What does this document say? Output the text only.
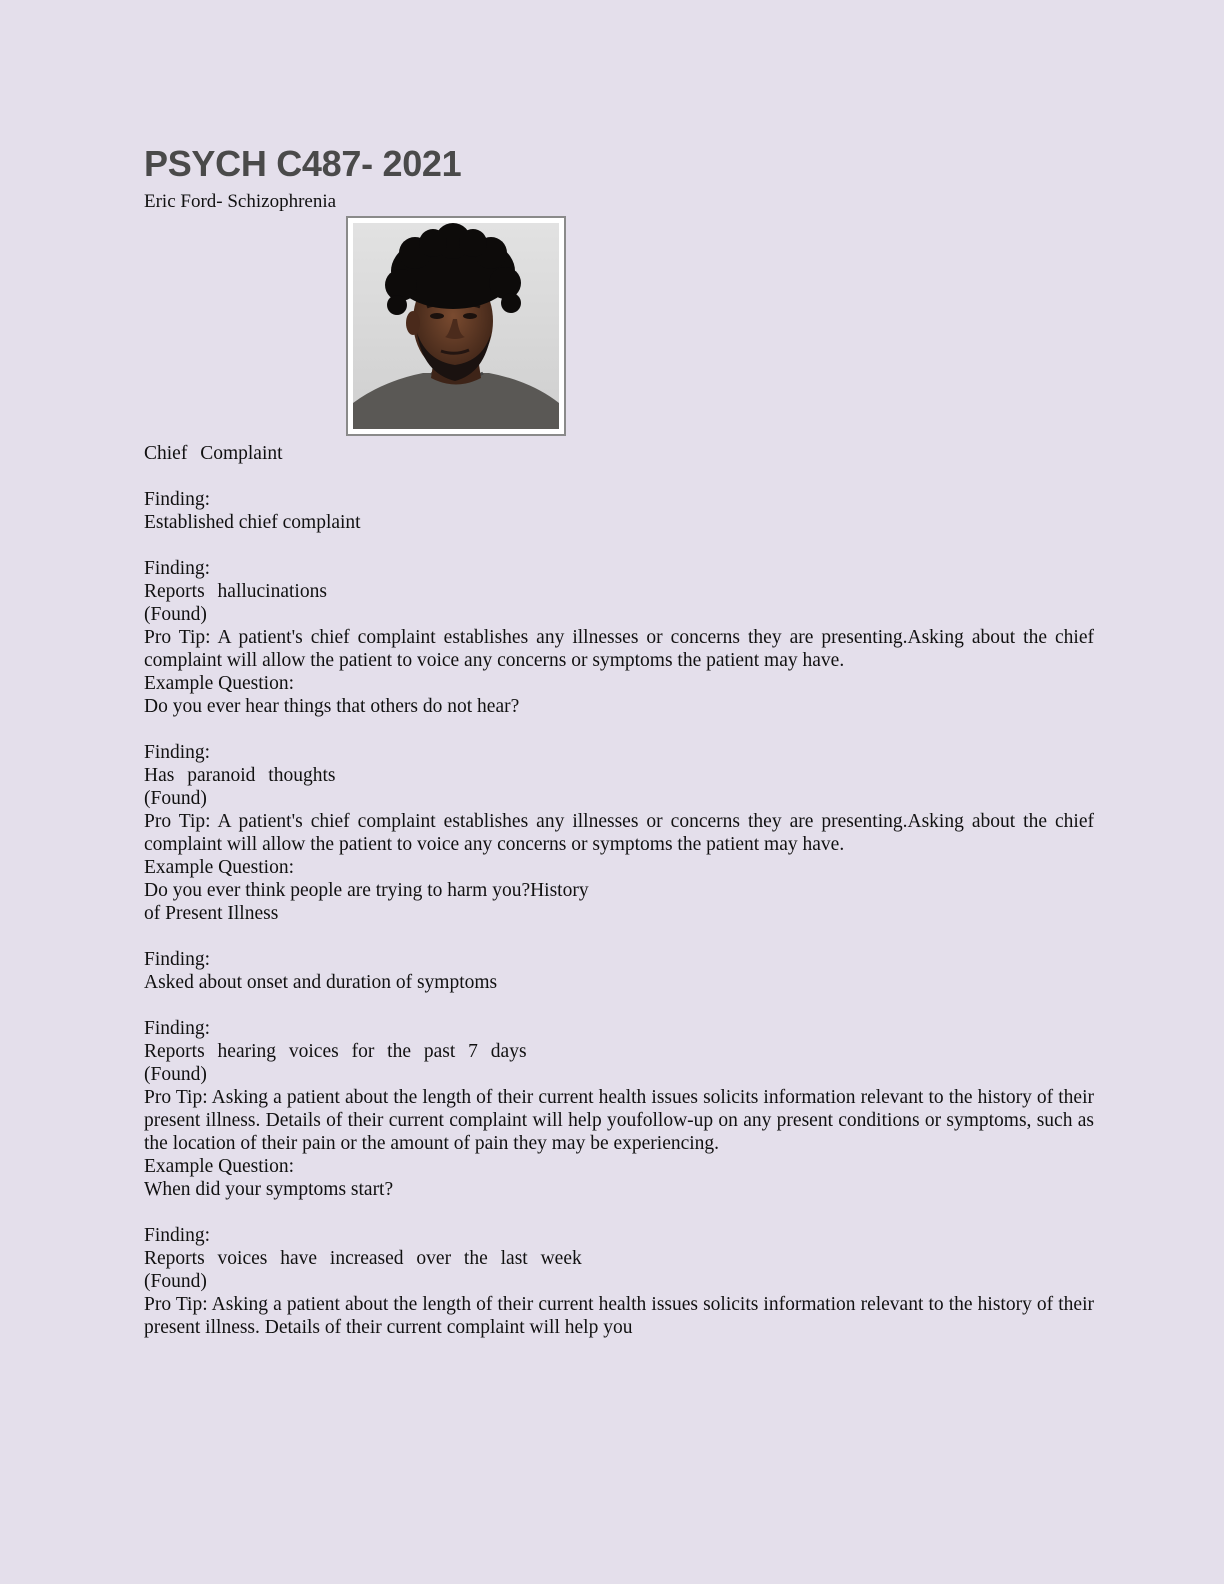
PSYCH C487- 2021
Eric Ford- Schizophrenia
Chief Complaint
Finding:
Established chief complaint
Finding:
Reports hallucinations
(Found)
Pro Tip: A patient's chief complaint establishes any illnesses or concerns they are presenting.Asking about the chief complaint will allow the patient to voice any concerns or symptoms the patient may have.
Example Question:
Do you ever hear things that others do not hear?
Finding:
Has paranoid thoughts
(Found)
Pro Tip: A patient's chief complaint establishes any illnesses or concerns they are presenting.Asking about the chief complaint will allow the patient to voice any concerns or symptoms the patient may have.
Example Question:
Do you ever think people are trying to harm you?History
of Present Illness
Finding:
Asked about onset and duration of symptoms
Finding:
Reports hearing voices for the past 7 days
(Found)
Pro Tip: Asking a patient about the length of their current health issues solicits information relevant to the history of their present illness. Details of their current complaint will help youfollow-up on any present conditions or symptoms, such as the location of their pain or the amount of pain they may be experiencing.
Example Question:
When did your symptoms start?
Finding:
Reports voices have increased over the last week
(Found)
Pro Tip: Asking a patient about the length of their current health issues solicits information relevant to the history of their present illness. Details of their current complaint will help you
